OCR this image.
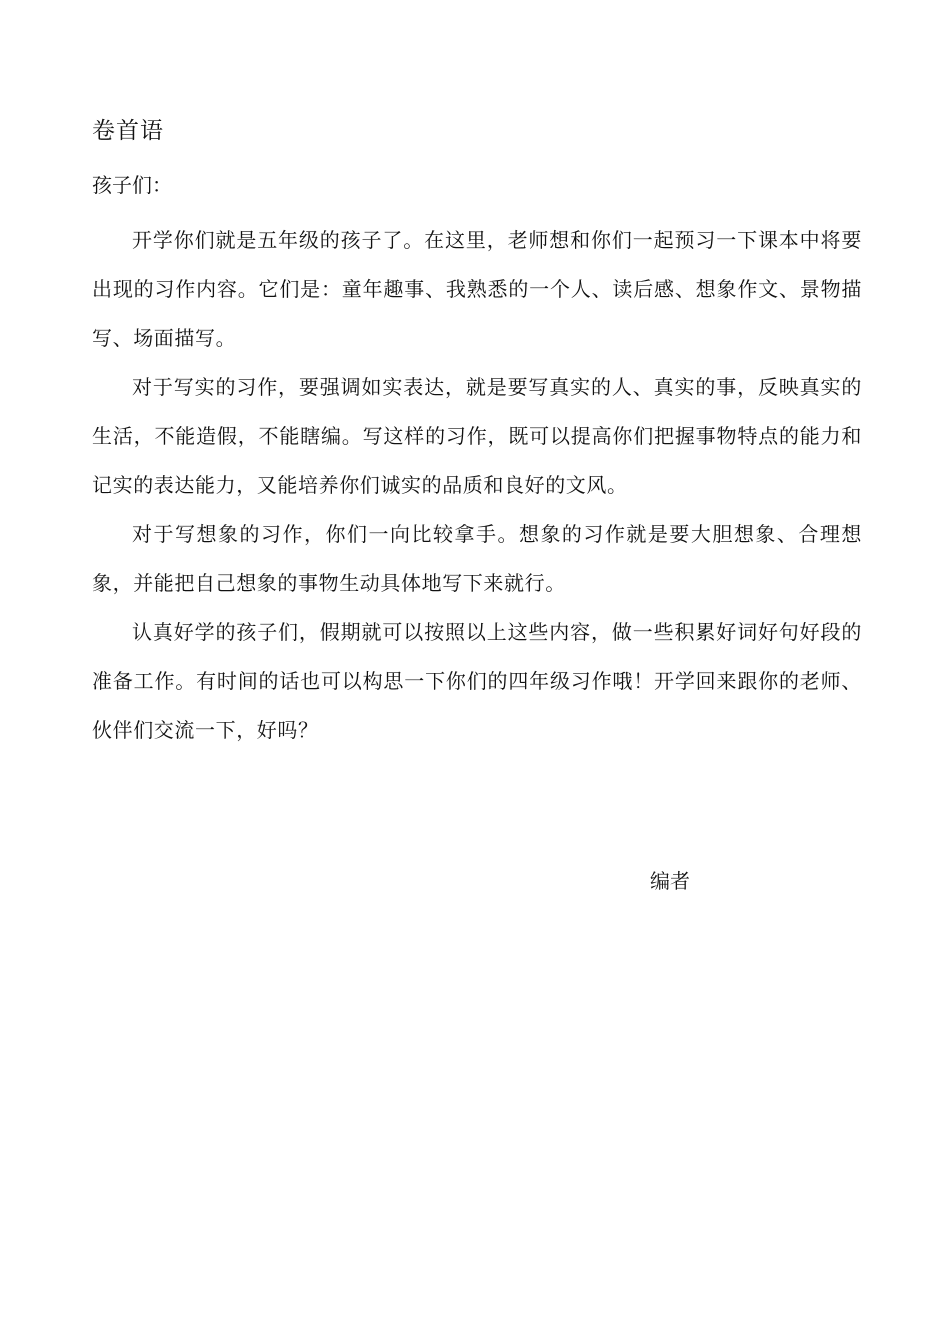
卷首语
孩子们：

开学你们就是五年级的孩子了。在这里，老师想和你们一起预习一下课本中将要出现的习作内容。它们是：童年趣事、我熟悉的一个人、读后感、想象作文、景物描写、场面描写。

对于写实的习作，要强调如实表达，就是要写真实的人、真实的事，反映真实的生活，不能造假，不能瞎编。写这样的习作，既可以提高你们把握事物特点的能力和记实的表达能力，又能培养你们诚实的品质和良好的文风。

对于写想象的习作，你们一向比较拿手。想象的习作就是要大胆想象、合理想象，并能把自己想象的事物生动具体地写下来就行。

认真好学的孩子们，假期就可以按照以上这些内容，做一些积累好词好句好段的准备工作。有时间的话也可以构思一下你们的四年级习作哦！开学回来跟你的老师、伙伴们交流一下，好吗？

编者
